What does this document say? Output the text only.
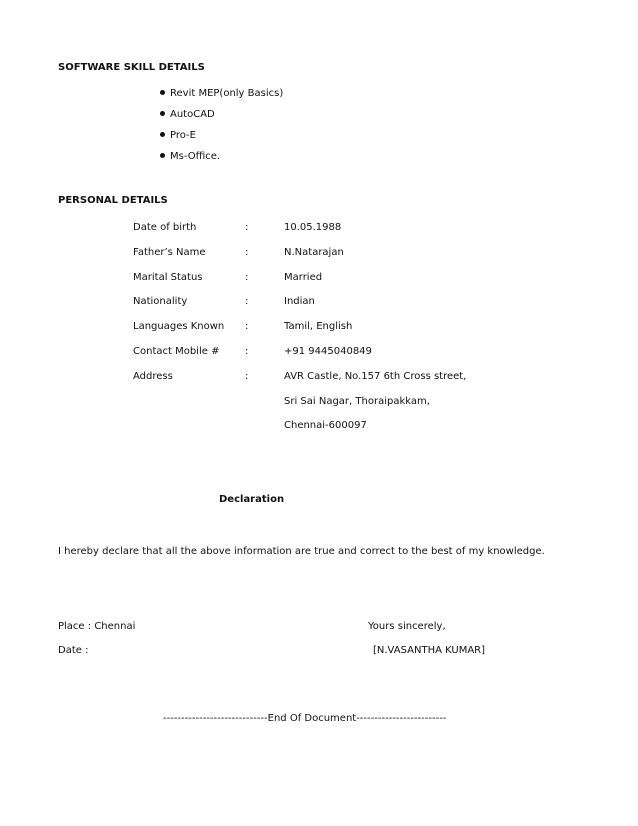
SOFTWARE SKILL DETAILS
Revit MEP(only Basics)
AutoCAD
Pro-E
Ms-Office.
PERSONAL DETAILS
Date of birth	:	10.05.1988
Father’s Name	:	N.Natarajan
Marital Status	:	Married
Nationality	:	Indian
Languages Known :	Tamil, English
Contact Mobile #	:	+91 9445040849
Address	:	AVR Castle, No.157 6th Cross street,
Sri Sai Nagar, Thoraipakkam,
Chennai-600097
Declaration
I hereby declare that all the above information are true and correct to the best of my knowledge.
Place : Chennai	Yours sincerely,
Date :	[N.VASANTHA KUMAR]
-----------------------------End Of Document-------------------------
